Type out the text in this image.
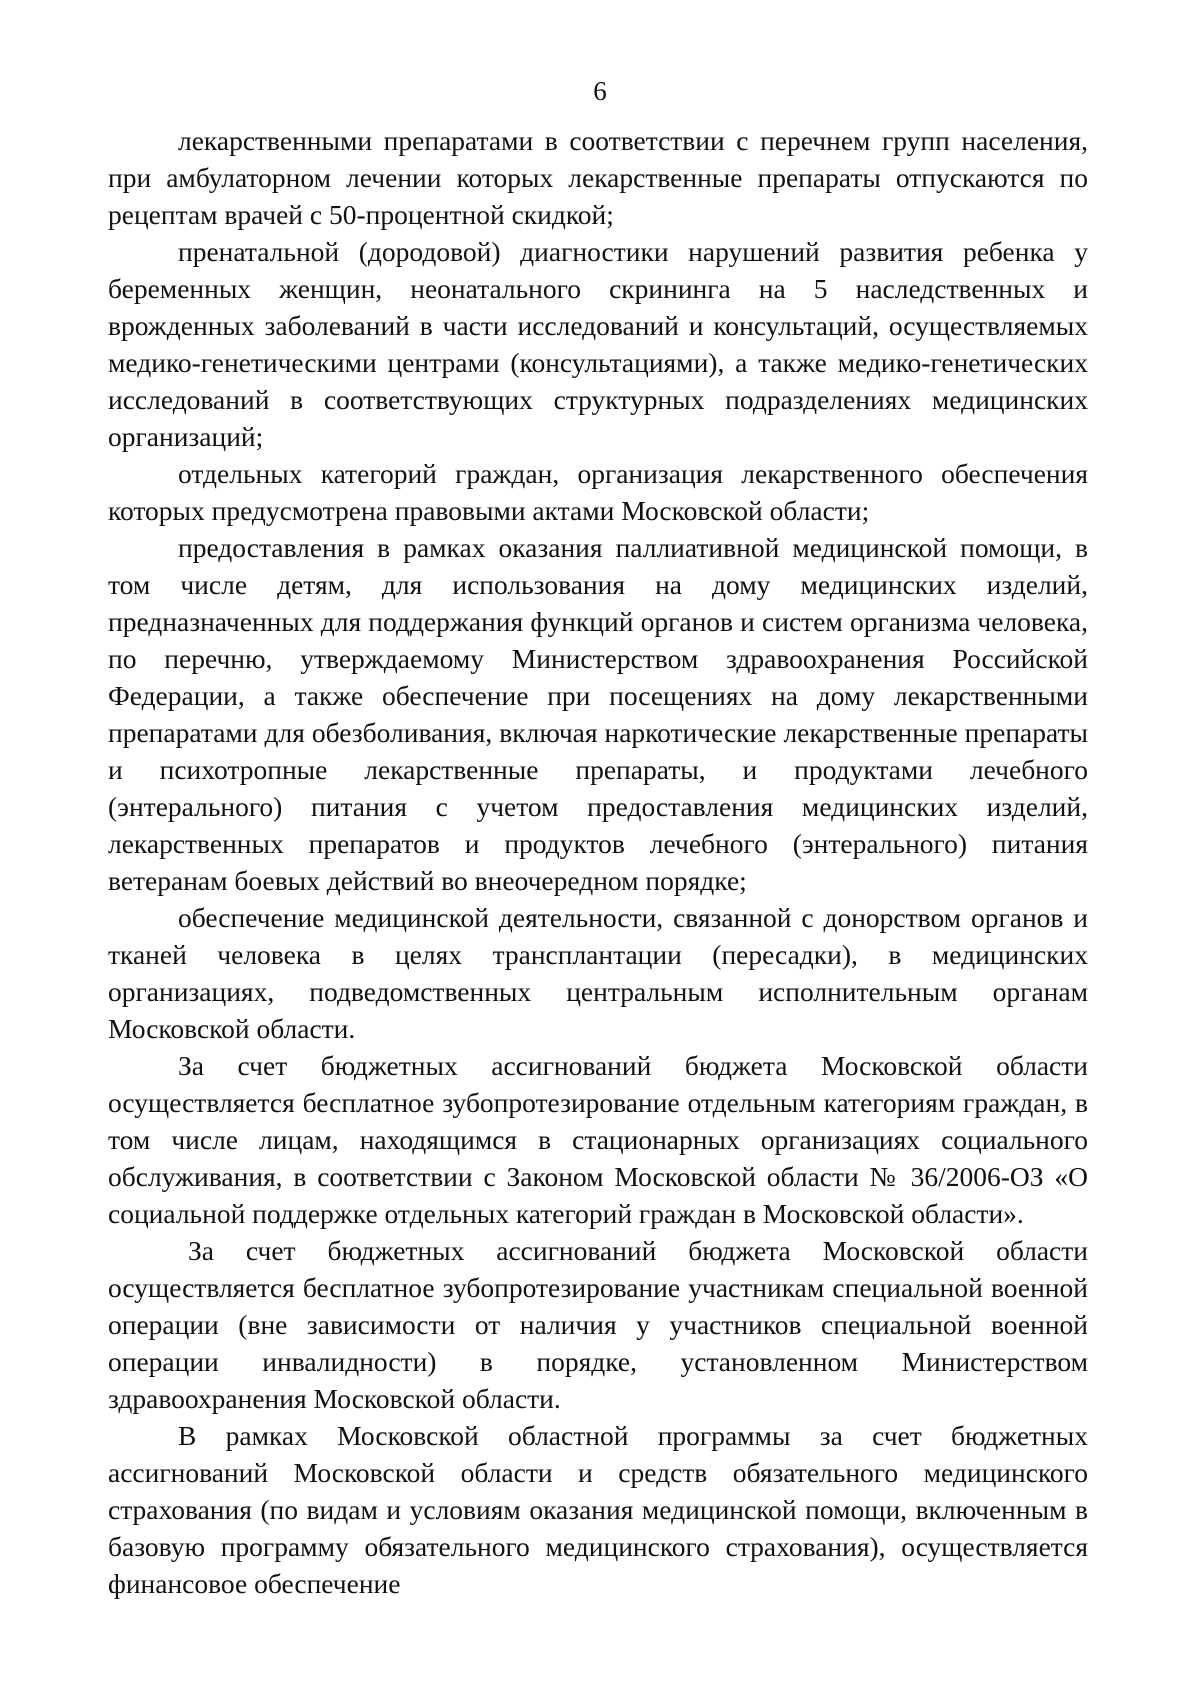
6

лекарственными препаратами в соответствии с перечнем групп населения, при амбулаторном лечении которых лекарственные препараты отпускаются по рецептам врачей с 50-процентной скидкой;

пренатальной (дородовой) диагностики нарушений развития ребенка у беременных женщин, неонатального скрининга на 5 наследственных и врожденных заболеваний в части исследований и консультаций, осуществляемых медико-генетическими центрами (консультациями), а также медико-генетических исследований в соответствующих структурных подразделениях медицинских организаций;

отдельных категорий граждан, организация лекарственного обеспечения которых предусмотрена правовыми актами Московской области;

предоставления в рамках оказания паллиативной медицинской помощи, в том числе детям, для использования на дому медицинских изделий, предназначенных для поддержания функций органов и систем организма человека, по перечню, утверждаемому Министерством здравоохранения Российской Федерации, а также обеспечение при посещениях на дому лекарственными препаратами для обезболивания, включая наркотические лекарственные препараты и психотропные лекарственные препараты, и продуктами лечебного (энтерального) питания с учетом предоставления медицинских изделий, лекарственных препаратов и продуктов лечебного (энтерального) питания ветеранам боевых действий во внеочередном порядке;

обеспечение медицинской деятельности, связанной с донорством органов и тканей человека в целях трансплантации (пересадки), в медицинских организациях, подведомственных центральным исполнительным органам Московской области.

За счет бюджетных ассигнований бюджета Московской области осуществляется бесплатное зубопротезирование отдельным категориям граждан, в том числе лицам, находящимся в стационарных организациях социального обслуживания, в соответствии с Законом Московской области № 36/2006-ОЗ «О социальной поддержке отдельных категорий граждан в Московской области».

За счет бюджетных ассигнований бюджета Московской области осуществляется бесплатное зубопротезирование участникам специальной военной операции (вне зависимости от наличия у участников специальной военной операции инвалидности) в порядке, установленном Министерством здравоохранения Московской области.

В рамках Московской областной программы за счет бюджетных ассигнований Московской области и средств обязательного медицинского страхования (по видам и условиям оказания медицинской помощи, включенным в базовую программу обязательного медицинского страхования), осуществляется финансовое обеспечение
